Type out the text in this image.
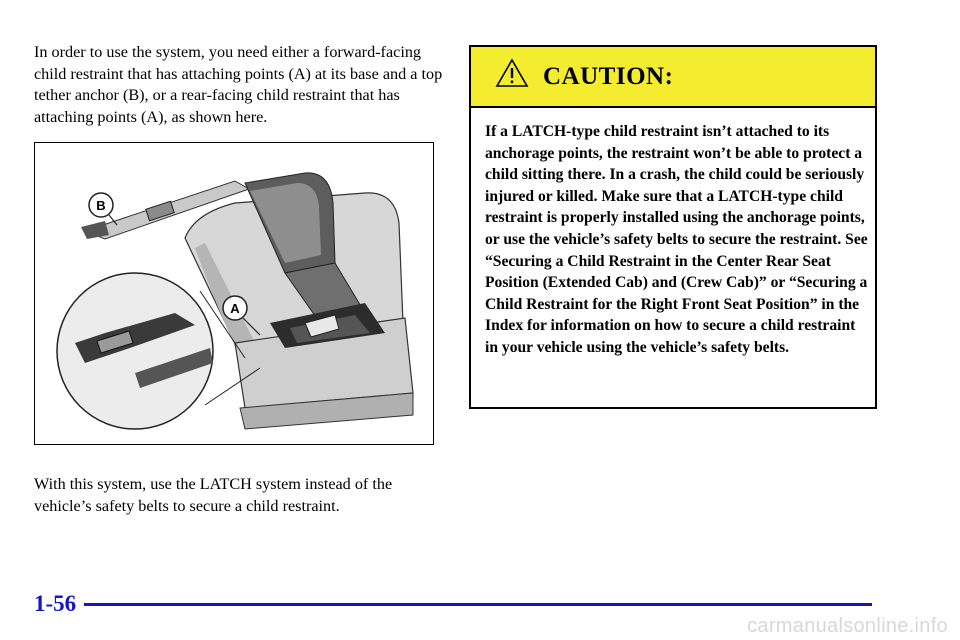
In order to use the system, you need either a forward‐facing child restraint that has attaching points (A) at its base and a top tether anchor (B), or a rear‐facing child restraint that has attaching points (A), as shown here.

B
A

With this system, use the LATCH system instead of the vehicle’s safety belts to secure a child restraint.

CAUTION:

If a LATCH‐type child restraint isn’t attached to its anchorage points, the restraint won’t be able to protect a child sitting there. In a crash, the child could be seriously injured or killed. Make sure that a LATCH‐type child restraint is properly installed using the anchorage points, or use the vehicle’s safety belts to secure the restraint. See “Securing a Child Restraint in the Center Rear Seat Position (Extended Cab) and (Crew Cab)” or “Securing a Child Restraint for the Right Front Seat Position” in the Index for information on how to secure a child restraint in your vehicle using the vehicle’s safety belts.

1-56
carmanualsonline.info
